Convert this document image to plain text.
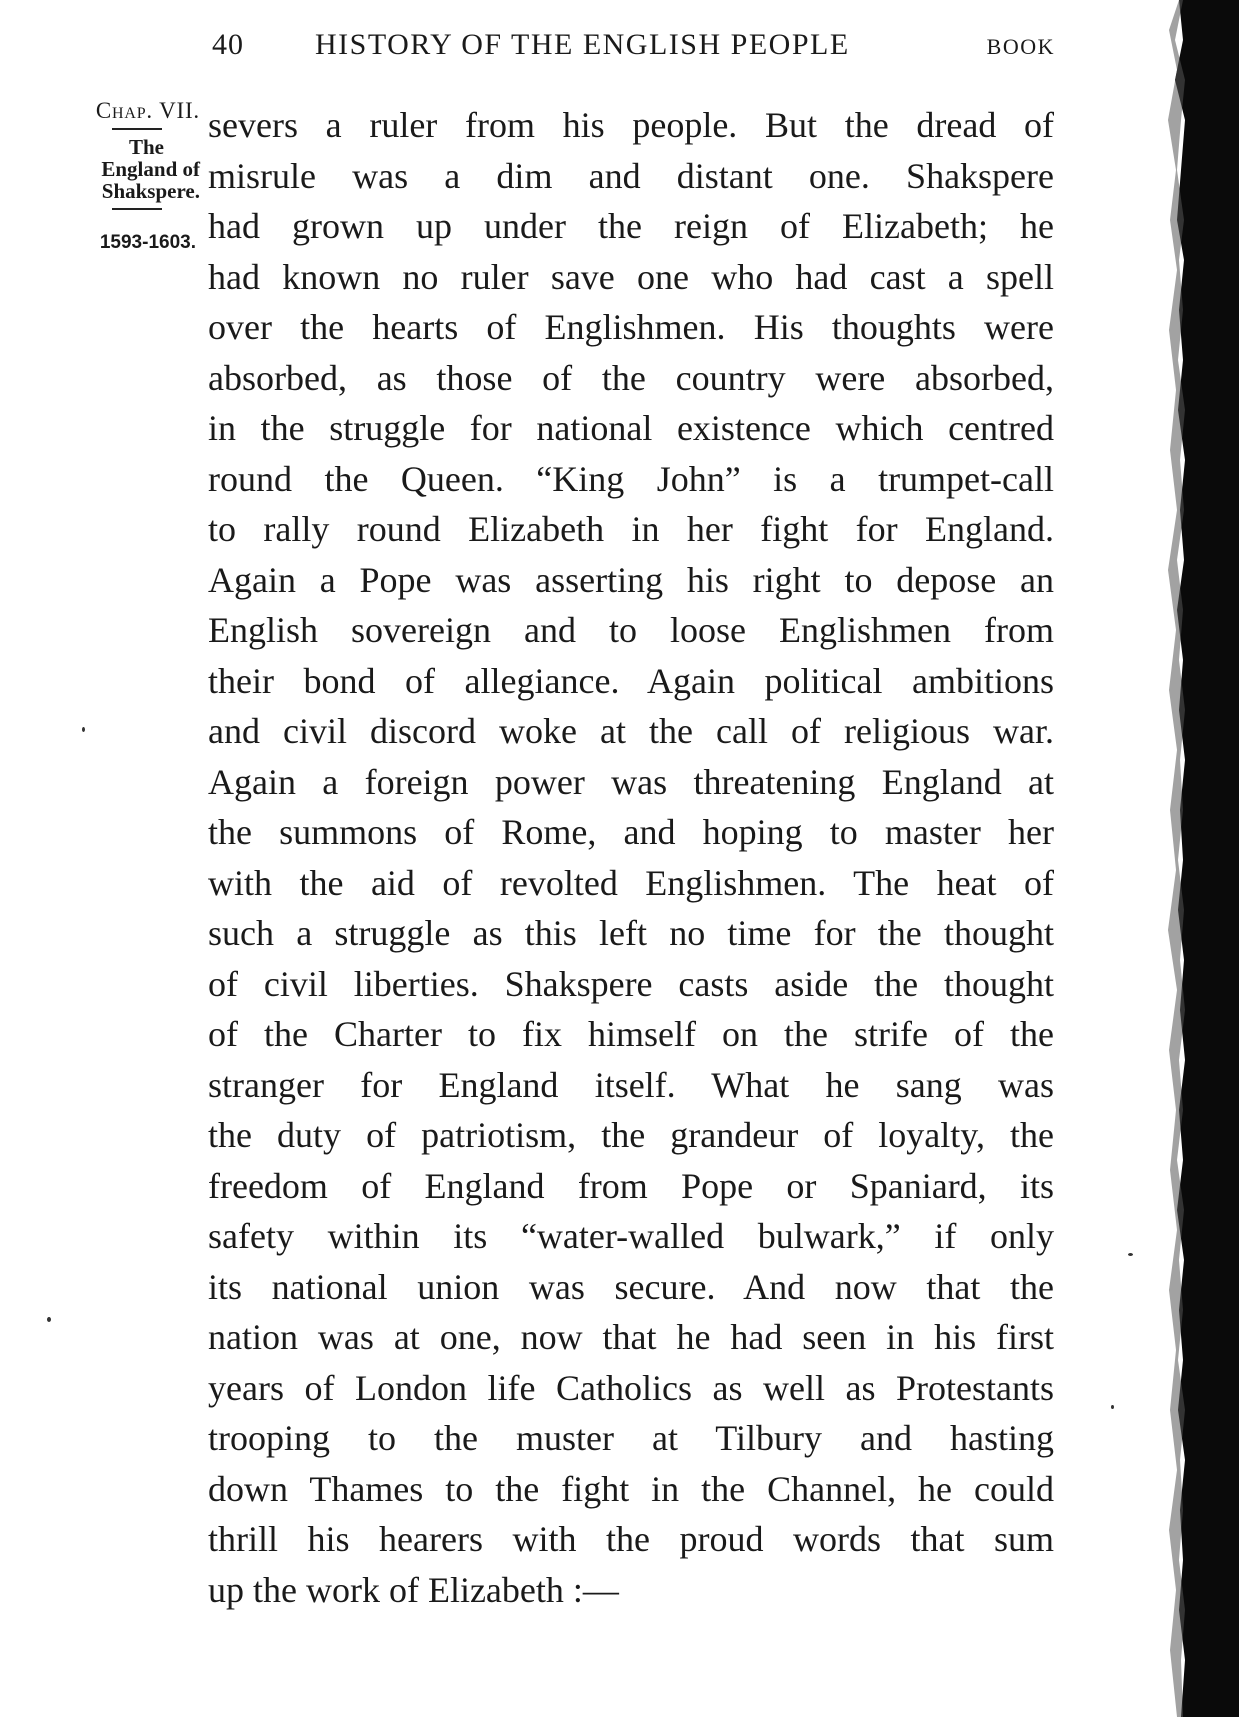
40 HISTORY OF THE ENGLISH PEOPLE	BOOK
Chap. VII.
The
England of
Shakspere.
1593-1603.
severs a ruler from his people. But the dread of
misrule was a dim and distant one. Shakspere
had grown up under the reign of Elizabeth; he
had known no ruler save one who had cast a spell
over the hearts of Englishmen. His thoughts were
absorbed, as those of the country were absorbed,
in the struggle for national existence which centred
round the Queen. “King John” is a trumpet-call
to rally round Elizabeth in her fight for England.
Again a Pope was asserting his right to depose an
English sovereign and to loose Englishmen from
their bond of allegiance. Again political ambitions
and civil discord woke at the call of religious war.
Again a foreign power was threatening England at
the summons of Rome, and hoping to master her
with the aid of revolted Englishmen. The heat of
such a struggle as this left no time for the thought
of civil liberties. Shakspere casts aside the thought
of the Charter to fix himself on the strife of the
stranger for England itself. What he sang was
the duty of patriotism, the grandeur of loyalty, the
freedom of England from Pope or Spaniard, its
safety within its “water-walled bulwark,” if only
its national union was secure. And now that the
nation was at one, now that he had seen in his first
years of London life Catholics as well as Protestants
trooping to the muster at Tilbury and hasting
down Thames to the fight in the Channel, he could
thrill his hearers with the proud words that sum
up the work of Elizabeth :—
